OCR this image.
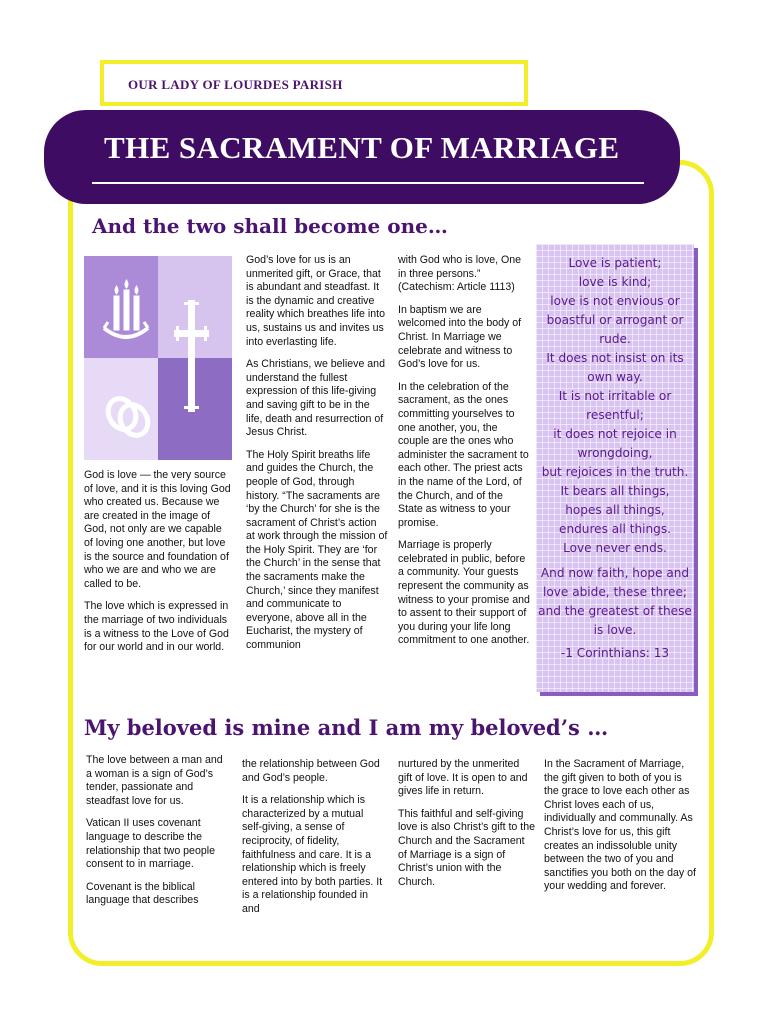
OUR LADY OF LOURDES PARISH
THE SACRAMENT OF MARRIAGE
And the two shall become one…

God is love — the very source of love, and it is this loving God who created us. Because we are created in the image of God, not only are we capable of loving one another, but love is the source and foundation of who we are and who we are called to be.

The love which is expressed in the marriage of two individuals is a witness to the Love of God for our world and in our world.

God’s love for us is an unmerited gift, or Grace, that is abundant and steadfast. It is the dynamic and creative reality which breathes life into us, sustains us and invites us into everlasting life.

As Christians, we believe and understand the fullest expression of this life-giving and saving gift to be in the life, death and resurrection of Jesus Christ.

The Holy Spirit breaths life and guides the Church, the people of God, through history. “The sacraments are ‘by the Church’ for she is the sacrament of Christ’s action at work through the mission of the Holy Spirit. They are ‘for the Church’ in the sense that the sacraments make the Church,’ since they manifest and communicate to everyone, above all in the Eucharist, the mystery of communion

with God who is love, One in three persons.” (Catechism: Article 1113)

In baptism we are welcomed into the body of Christ. In Marriage we celebrate and witness to God’s love for us.

In the celebration of the sacrament, as the ones committing yourselves to one another, you, the couple are the ones who administer the sacrament to each other. The priest acts in the name of the Lord, of the Church, and of the State as witness to your promise.

Marriage is properly celebrated in public, before a community. Your guests represent the community as witness to your promise and to assent to their support of you during your life long commitment to one another.

Love is patient;
love is kind;
love is not envious or
boastful or arrogant or
rude.
It does not insist on its
own way.
It is not irritable or
resentful;
it does not rejoice in
wrongdoing,
but rejoices in the truth.
It bears all things,
hopes all things,
endures all things.
Love never ends.
And now faith, hope and
love abide, these three;
and the greatest of these
is love.
-1 Corinthians: 13
My beloved is mine and I am my beloved’s …

The love between a man and a woman is a sign of God’s tender, passionate and steadfast love for us.

Vatican II uses covenant language to describe the relationship that two people consent to in marriage.

Covenant is the biblical language that describes

the relationship between God and God’s people.

It is a relationship which is characterized by a mutual self-giving, a sense of reciprocity, of fidelity, faithfulness and care. It is a relationship which is freely entered into by both parties. It is a relationship founded in and

nurtured by the unmerited gift of love. It is open to and gives life in return.

This faithful and self-giving love is also Christ’s gift to the Church and the Sacrament of Marriage is a sign of Christ’s union with the Church.

In the Sacrament of Marriage, the gift given to both of you is the grace to love each other as Christ loves each of us, individually and communally. As Christ’s love for us, this gift creates an indissoluble unity between the two of you and sanctifies you both on the day of your wedding and forever.
